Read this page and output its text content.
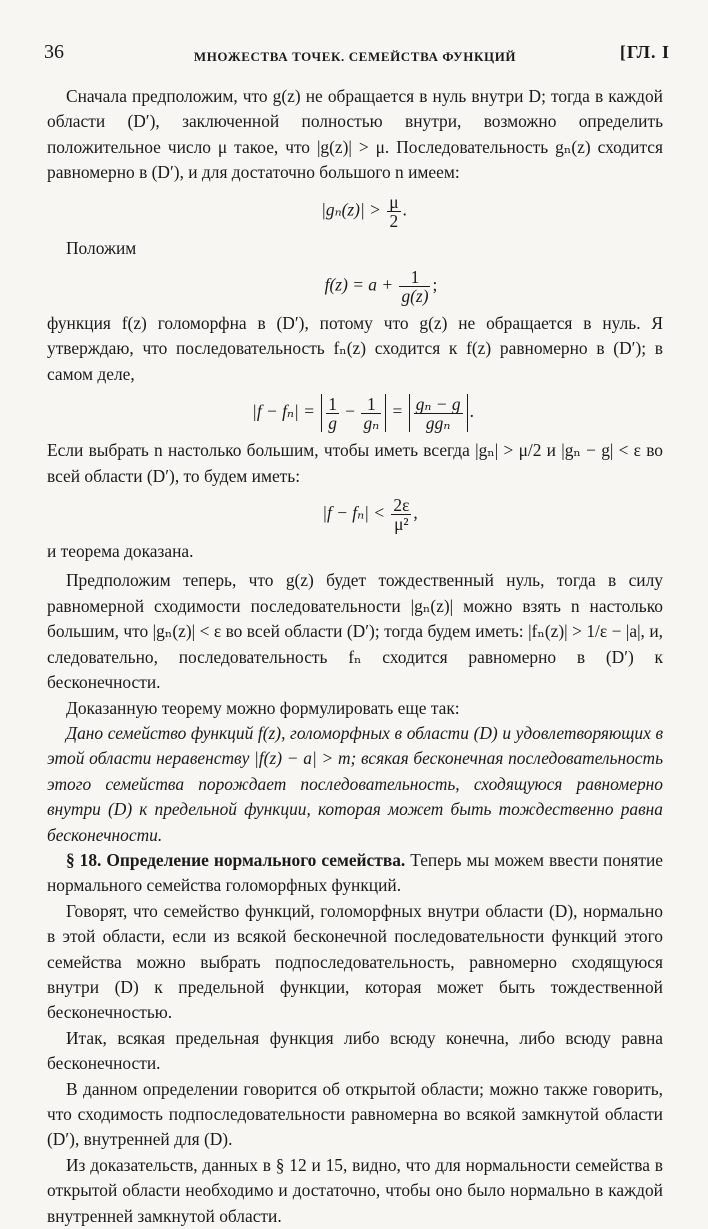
36	МНОЖЕСТВА ТОЧЕК. СЕМЕЙСТВА ФУНКЦИЙ	[ГЛ. I

Сначала предположим, что g(z) не обращается в нуль внутри D; тогда в каждой области (D′), заключенной полностью внутри, возможно определить положительное число μ такое, что |g(z)| > μ. Последовательность gₙ(z) сходится равномерно в (D′), и для достаточно большого n имеем:

$|g_n(z)| > \frac{\mu}{2}$ .

Положим

$f(z) = a + \frac{1}{g(z)}$ ;

функция f(z) голоморфна в (D′), потому что g(z) не обращается в нуль. Я утверждаю, что последовательность fₙ(z) сходится к f(z) равномерно в (D′); в самом деле,

$|f - f_n| = \frac{1}{g} - \frac{1}{\text{gₙ}} = \frac{\text{gₙ − g}}{\text{ggₙ}}$ .

Если выбрать n настолько большим, чтобы иметь всегда |gₙ| > μ/2 и |gₙ − g| < ε во всей области (D′), то будем иметь:

$|f - f_n| < \frac{2\varepsilon}{\text{μ²}}$ ,

и теорема доказана.

Предположим теперь, что g(z) будет тождественный нуль, тогда в силу равномерной сходимости последовательности |gₙ(z)| можно взять n настолько большим, что |gₙ(z)| < ε во всей области (D′); тогда будем иметь: |fₙ(z)| > 1/ε − |a|, и, следовательно, последовательность fₙ сходится равномерно в (D′) к бесконечности.

Доказанную теорему можно формулировать еще так:

Дано семейство функций f(z), голоморфных в области (D) и удовлетворяющих в этой области неравенству |f(z) − a| > m; всякая бесконечная последовательность этого семейства порождает последовательность, сходящуюся равномерно внутри (D) к предельной функции, которая может быть тождественно равна бесконечности.

§ 18. Определение нормального семейства. Теперь мы можем ввести понятие нормального семейства голоморфных функций.

Говорят, что семейство функций, голоморфных внутри области (D), нормально в этой области, если из всякой бесконечной последовательности функций этого семейства можно выбрать подпоследовательность, равномерно сходящуюся внутри (D) к предельной функции, которая может быть тождественной бесконечностью.

Итак, всякая предельная функция либо всюду конечна, либо всюду равна бесконечности.

В данном определении говорится об открытой области; можно также говорить, что сходимость подпоследовательности равномерна во всякой замкнутой области (D′), внутренней для (D).

Из доказательств, данных в § 12 и 15, видно, что для нормальности семейства в открытой области необходимо и достаточно, чтобы оно было нормально в каждой внутренней замкнутой области.
